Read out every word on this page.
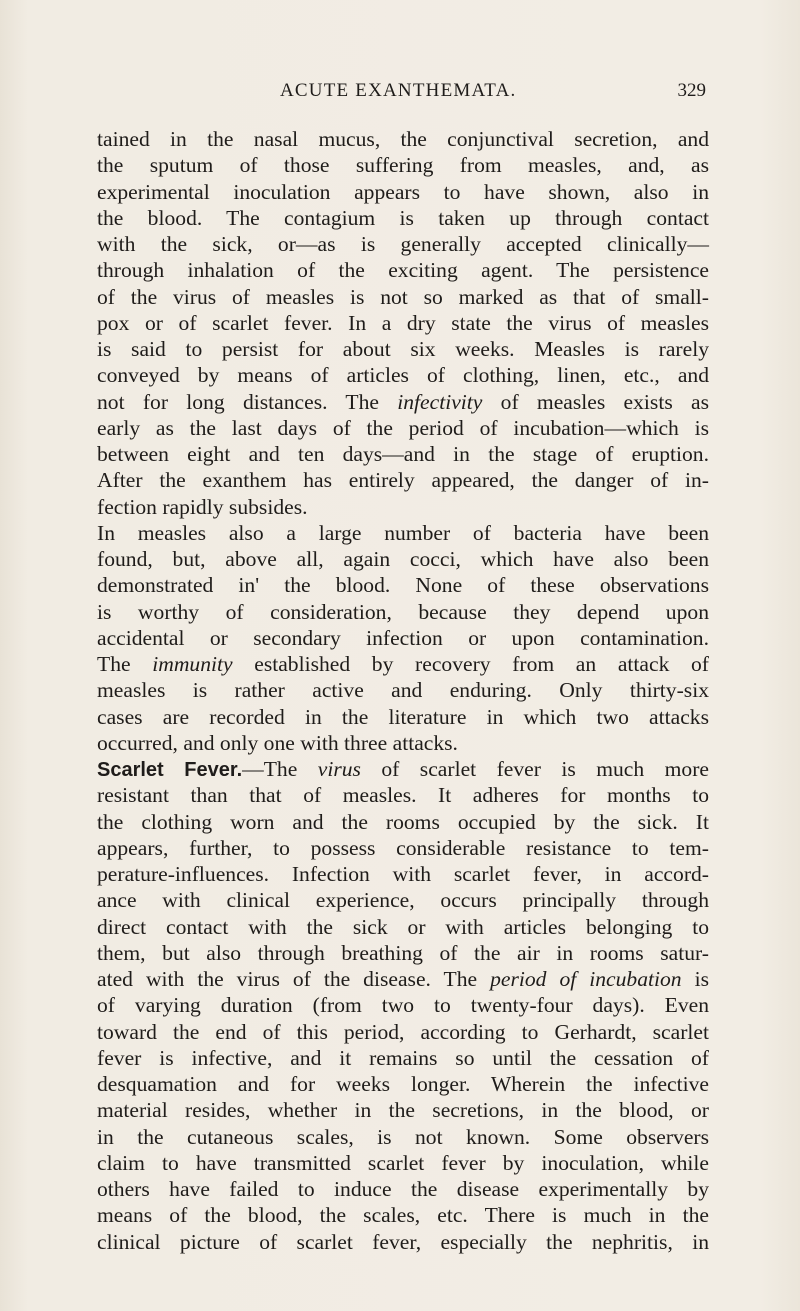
ACUTE EXANTHEMATA.	329
tained in the nasal mucus, the conjunctival secretion, and
the sputum of those suffering from measles, and, as
experimental inoculation appears to have shown, also in
the blood. The contagium is taken up through contact
with the sick, or—as is generally accepted clinically—
through inhalation of the exciting agent. The persistence
of the virus of measles is not so marked as that of small-
pox or of scarlet fever. In a dry state the virus of measles
is said to persist for about six weeks. Measles is rarely
conveyed by means of articles of clothing, linen, etc., and
not for long distances. The infectivity of measles exists as
early as the last days of the period of incubation—which is
between eight and ten days—and in the stage of eruption.
After the exanthem has entirely appeared, the danger of in-
fection rapidly subsides.
In measles also a large number of bacteria have been
found, but, above all, again cocci, which have also been
demonstrated in' the blood. None of these observations
is worthy of consideration, because they depend upon
accidental or secondary infection or upon contamination.
The immunity established by recovery from an attack of
measles is rather active and enduring. Only thirty-six
cases are recorded in the literature in which two attacks
occurred, and only one with three attacks.
Scarlet Fever.—The virus of scarlet fever is much more
resistant than that of measles. It adheres for months to
the clothing worn and the rooms occupied by the sick. It
appears, further, to possess considerable resistance to tem-
perature-influences. Infection with scarlet fever, in accord-
ance with clinical experience, occurs principally through
direct contact with the sick or with articles belonging to
them, but also through breathing of the air in rooms satur-
ated with the virus of the disease. The period of incubation is
of varying duration (from two to twenty-four days). Even
toward the end of this period, according to Gerhardt, scarlet
fever is infective, and it remains so until the cessation of
desquamation and for weeks longer. Wherein the infective
material resides, whether in the secretions, in the blood, or
in the cutaneous scales, is not known. Some observers
claim to have transmitted scarlet fever by inoculation, while
others have failed to induce the disease experimentally by
means of the blood, the scales, etc. There is much in the
clinical picture of scarlet fever, especially the nephritis, in
